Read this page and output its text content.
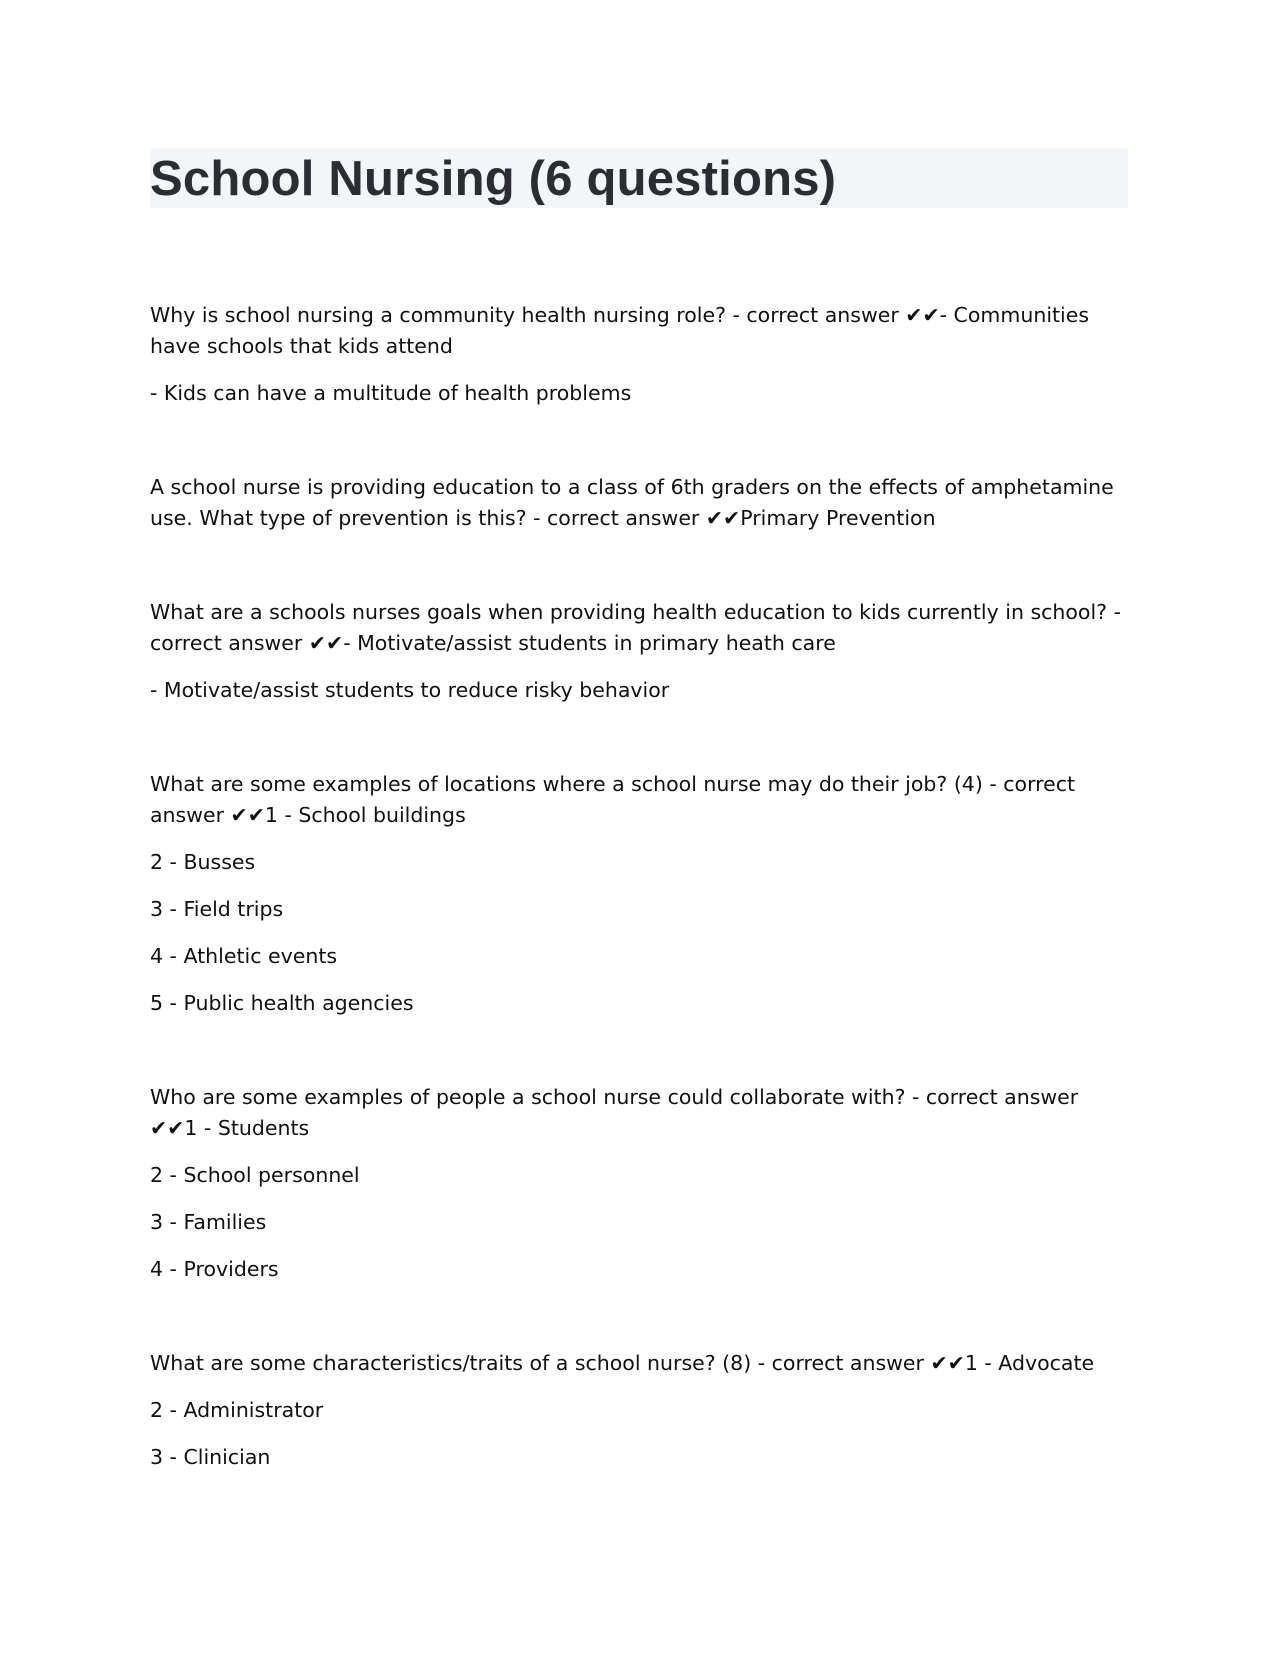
School Nursing (6 questions)

Why is school nursing a community health nursing role? - correct answer ✔✔- Communities have schools that kids attend

- Kids can have a multitude of health problems

A school nurse is providing education to a class of 6th graders on the effects of amphetamine use. What type of prevention is this? - correct answer ✔✔Primary Prevention

What are a schools nurses goals when providing health education to kids currently in school? - correct answer ✔✔- Motivate/assist students in primary heath care

- Motivate/assist students to reduce risky behavior

What are some examples of locations where a school nurse may do their job? (4) - correct answer ✔✔1 - School buildings

2 - Busses

3 - Field trips

4 - Athletic events

5 - Public health agencies

Who are some examples of people a school nurse could collaborate with? - correct answer ✔✔1 - Students

2 - School personnel

3 - Families

4 - Providers

What are some characteristics/traits of a school nurse? (8) - correct answer ✔✔1 - Advocate

2 - Administrator

3 - Clinician
